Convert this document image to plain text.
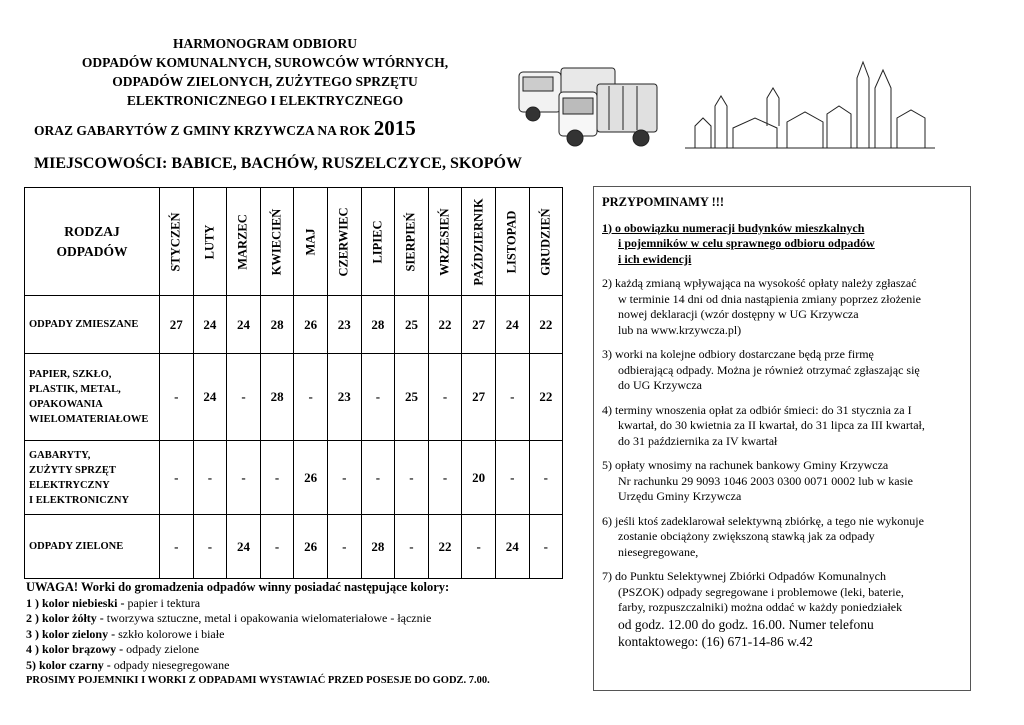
HARMONOGRAM ODBIORU
ODPADÓW KOMUNALNYCH, SUROWCÓW WTÓRNYCH,
ODPADÓW ZIELONYCH, ZUŻYTEGO SPRZĘTU
ELEKTRONICZNEGO I ELEKTRYCZNEGO
ORAZ GABARYTÓW Z GMINY KRZYWCZA NA ROK 2015
MIEJSCOWOŚCI: BABICE, BACHÓW, RUSZELCZYCE, SKOPÓW
RODZAJ
ODPADÓW	STYCZEŃ	LUTY	MARZEC	KWIECIEŃ	MAJ	CZERWIEC	LIPIEC	SIERPIEŃ	WRZESIEŃ	PAŹDZIERNIK	LISTOPAD	GRUDZIEŃ

ODPADY ZMIESZANE	27	24	24	28	26	23	28	25	22	27	24	22
PAPIER, SZKŁO,
PLASTIK, METAL,
OPAKOWANIA
WIELOMATERIAŁOWE	-	24	-	28	-	23	-	25	-	27	-	22
GABARYTY,
ZUŻYTY SPRZĘT
ELEKTRYCZNY
I ELEKTRONICZNY	-	-	-	-	26	-	-	-	-	20	-	-
ODPADY ZIELONE	-	-	24	-	26	-	28	-	22	-	24	-
UWAGA! Worki do gromadzenia odpadów winny posiadać następujące kolory:
1 ) kolor niebieski - papier i tektura
2 ) kolor żółty - tworzywa sztuczne, metal i opakowania wielomateriałowe - łącznie
3 ) kolor zielony - szkło kolorowe i białe
4 ) kolor brązowy - odpady zielone
5) kolor czarny - odpady niesegregowane
PROSIMY POJEMNIKI I WORKI Z ODPADAMI WYSTAWIAĆ PRZED POSESJE DO GODZ. 7.00.
PRZYPOMINAMY !!!
1) o obowiązku numeracji budynków mieszkalnych
i pojemników w celu sprawnego odbioru odpadów
i ich ewidencji
2) każdą zmianą wpływająca na wysokość opłaty należy zgłaszać
w terminie 14 dni od dnia nastąpienia zmiany poprzez złożenie
nowej deklaracji (wzór dostępny w UG Krzywcza
lub na www.krzywcza.pl)
3) worki na kolejne odbiory dostarczane będą prze firmę
odbierającą odpady. Można je również otrzymać zgłaszając się
do UG Krzywcza
4) terminy wnoszenia opłat za odbiór śmieci: do 31 stycznia za I
kwartał, do 30 kwietnia za II kwartał, do 31 lipca za III kwartał,
do 31 października za IV kwartał
5) opłaty wnosimy na rachunek bankowy Gminy Krzywcza
Nr rachunku 29 9093 1046 2003 0300 0071 0002 lub w kasie
Urzędu Gminy Krzywcza
6) jeśli ktoś zadeklarował selektywną zbiórkę, a tego nie wykonuje
zostanie obciążony zwiększoną stawką jak za odpady
niesegregowane,
7) do Punktu Selektywnej Zbiórki Odpadów Komunalnych
(PSZOK) odpady segregowane i problemowe (leki, baterie,
farby, rozpuszczalniki) można oddać w każdy poniedziałek
od godz. 12.00 do godz. 16.00. Numer telefonu
kontaktowego: (16) 671-14-86 w.42
